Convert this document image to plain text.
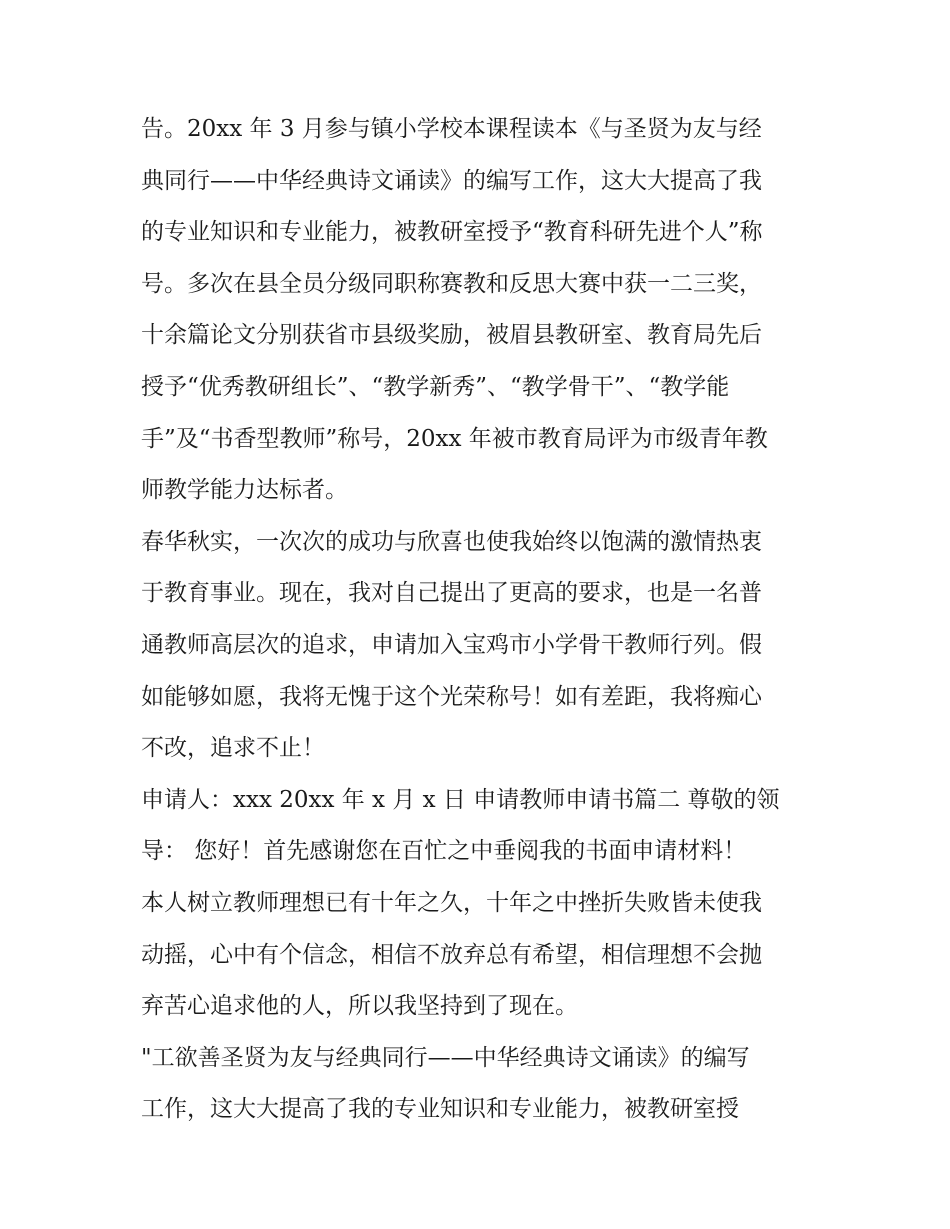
告。20xx 年 3 月参与镇小学校本课程读本《与圣贤为友与经
典同行——中华经典诗文诵读》的编写工作，这大大提高了我
的专业知识和专业能力，被教研室授予“教育科研先进个人”称
号。多次在县全员分级同职称赛教和反思大赛中获一二三奖，
十余篇论文分别获省市县级奖励，被眉县教研室、教育局先后
授予“优秀教研组长”、“教学新秀”、“教学骨干”、“教学能
手”及“书香型教师”称号，20xx 年被市教育局评为市级青年教
师教学能力达标者。
春华秋实，一次次的成功与欣喜也使我始终以饱满的激情热衷
于教育事业。现在，我对自己提出了更高的要求，也是一名普
通教师高层次的追求，申请加入宝鸡市小学骨干教师行列。假
如能够如愿，我将无愧于这个光荣称号！如有差距，我将痴心
不改，追求不止！
申请人：xxx 20xx 年 x 月 x 日 申请教师申请书篇二 尊敬的领
导： 您好！首先感谢您在百忙之中垂阅我的书面申请材料！
本人树立教师理想已有十年之久，十年之中挫折失败皆未使我
动摇，心中有个信念，相信不放弃总有希望，相信理想不会抛
弃苦心追求他的人，所以我坚持到了现在。
"工欲善圣贤为友与经典同行——中华经典诗文诵读》的编写
工作，这大大提高了我的专业知识和专业能力，被教研室授
